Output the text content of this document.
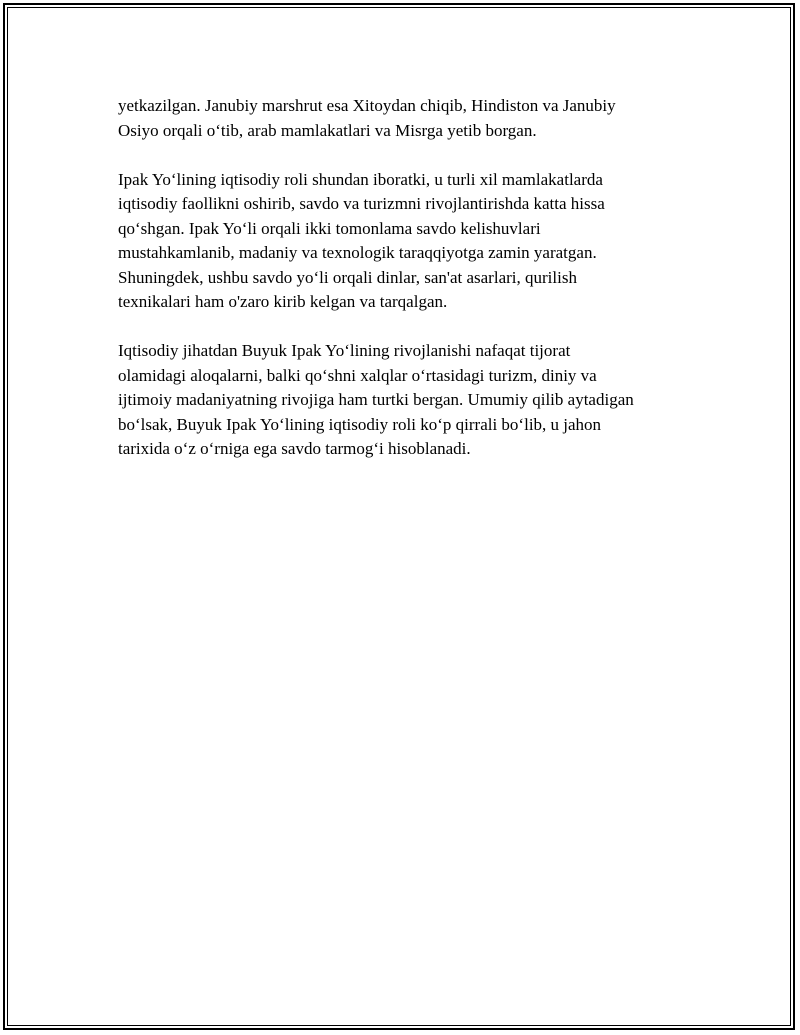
yetkazilgan. Janubiy marshrut esa Xitoydan chiqib, Hindiston va Janubiy
Osiyo orqali o‘tib, arab mamlakatlari va Misrga yetib borgan.

Ipak Yo‘lining iqtisodiy roli shundan iboratki, u turli xil mamlakatlarda
iqtisodiy faollikni oshirib, savdo va turizmni rivojlantirishda katta hissa
qo‘shgan. Ipak Yo‘li orqali ikki tomonlama savdo kelishuvlari
mustahkamlanib, madaniy va texnologik taraqqiyotga zamin yaratgan.
Shuningdek, ushbu savdo yo‘li orqali dinlar, san'at asarlari, qurilish
texnikalari ham o'zaro kirib kelgan va tarqalgan.

Iqtisodiy jihatdan Buyuk Ipak Yo‘lining rivojlanishi nafaqat tijorat
olamidagi aloqalarni, balki qo‘shni xalqlar o‘rtasidagi turizm, diniy va
ijtimoiy madaniyatning rivojiga ham turtki bergan. Umumiy qilib aytadigan
bo‘lsak, Buyuk Ipak Yo‘lining iqtisodiy roli ko‘p qirrali bo‘lib, u jahon
tarixida o‘z o‘rniga ega savdo tarmog‘i hisoblanadi.
